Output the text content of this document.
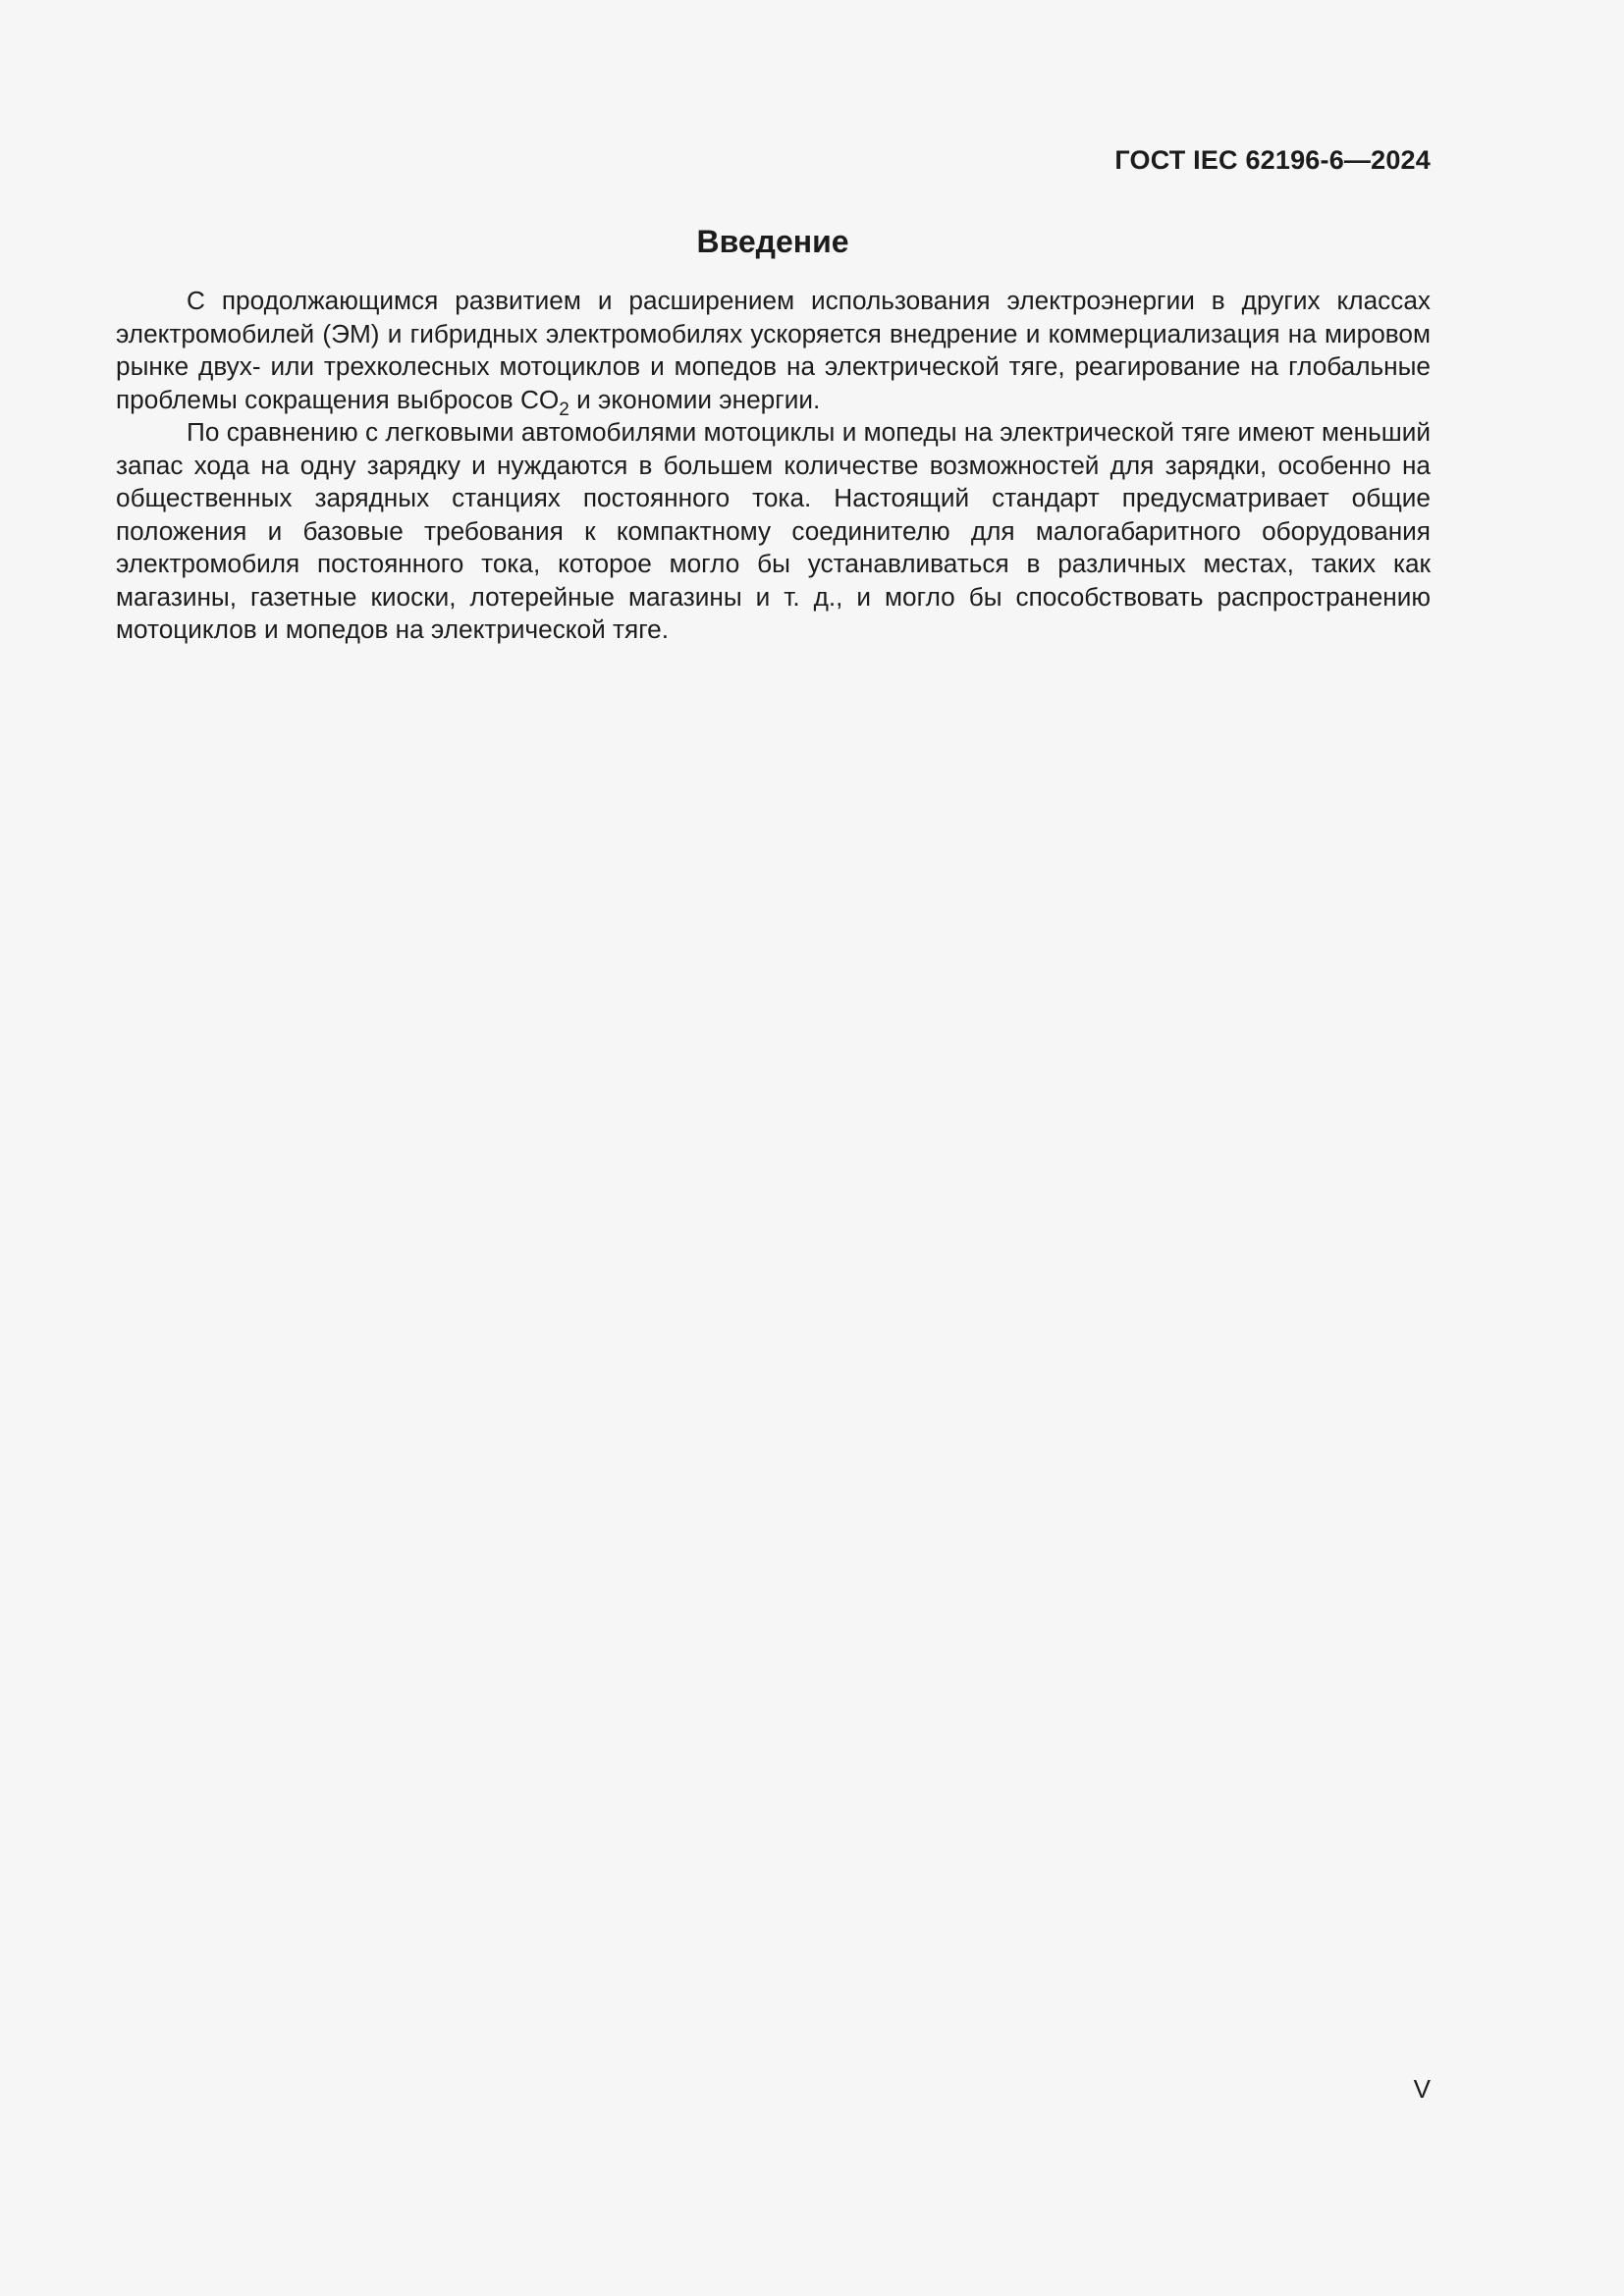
ГОСТ IEC 62196-6—2024

Введение

С продолжающимся развитием и расширением использования электроэнергии в других классах электромобилей (ЭМ) и гибридных электромобилях ускоряется внедрение и коммерциализация на мировом рынке двух- или трехколесных мотоциклов и мопедов на электрической тяге, реагирование на глобальные проблемы сокращения выбросов $CO_2$ и экономии энергии.

По сравнению с легковыми автомобилями мотоциклы и мопеды на электрической тяге имеют меньший запас хода на одну зарядку и нуждаются в большем количестве возможностей для зарядки, особенно на общественных зарядных станциях постоянного тока. Настоящий стандарт предусматривает общие положения и базовые требования к компактному соединителю для малогабаритного оборудования электромобиля постоянного тока, которое могло бы устанавливаться в различных местах, таких как магазины, газетные киоски, лотерейные магазины и т. д., и могло бы способствовать распространению мотоциклов и мопедов на электрической тяге.

V
